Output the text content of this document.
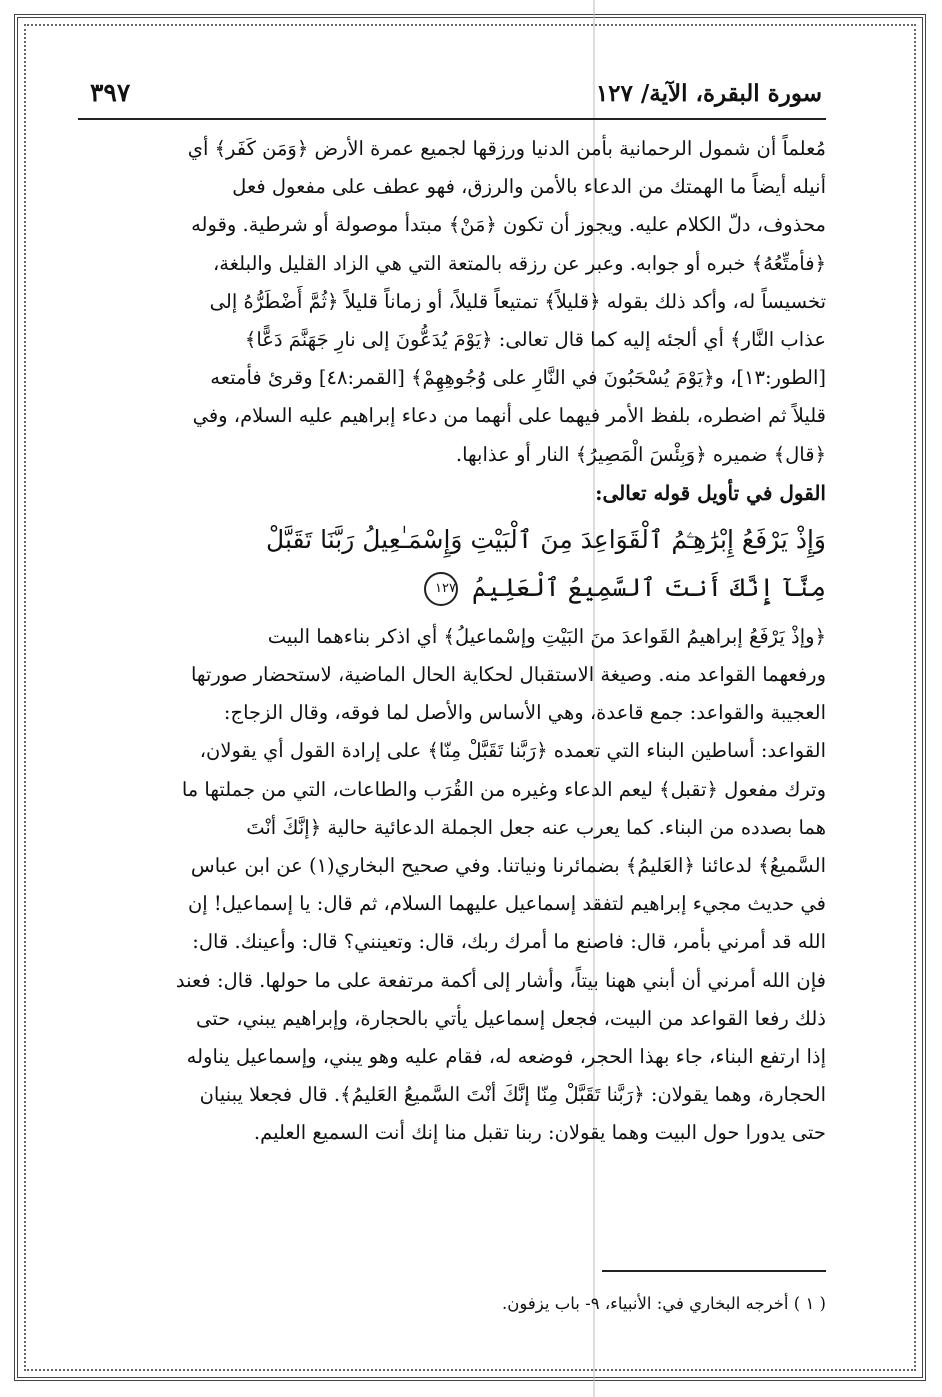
سورة البقرة، الآية/ ١٢٧
٣٩٧

مُعلماً أن شمول الرحمانية بأمن الدنيا ورزقها لجميع عمرة الأرض ﴿وَمَن كَفَر﴾ أي

أنيله أيضاً ما الهمتك من الدعاء بالأمن والرزق، فهو عطف على مفعول فعل

محذوف، دلّ الكلام عليه. ويجوز أن تكون ﴿مَنْ﴾ مبتدأ موصولة أو شرطية. وقوله

﴿فأمتِّعُهُ﴾ خبره أو جوابه. وعبر عن رزقه بالمتعة التي هي الزاد القليل والبلغة،

تخسيساً له، وأكد ذلك بقوله ﴿قليلاً﴾ تمتيعاً قليلاً، أو زماناً قليلاً ﴿ثُمَّ أَضْطَرُّهُ إلى

عذاب النَّار﴾ أي ألجئه إليه كما قال تعالى: ﴿يَوْمَ يُدَعُّونَ إلى نارِ جَهَنَّمَ دَعًّا﴾

[الطور:١٣]، و﴿يَوْمَ يُسْحَبُونَ في النَّارِ على وُجُوهِهِمْ﴾ [القمر:٤٨] وقرئ فأمتعه

قليلاً ثم اضطره، بلفظ الأمر فيهما على أنهما من دعاء إبراهيم عليه السلام، وفي

﴿قال﴾ ضميره ﴿وَبِئْسَ الْمَصِيرُ﴾ النار أو عذابها.

القول في تأويل قوله تعالى:

وَإِذْ يَرْفَعُ إِبْرَٰهِـۧمُ ٱلْقَوَاعِدَ مِنَ ٱلْبَيْتِ وَإِسْمَـٰعِيلُ رَبَّنَا تَقَبَّلْ
مِنَّآ إِنَّكَ أَنتَ ٱلسَّمِيعُ ٱلْعَلِيمُ ١٢٧

﴿وإذْ يَرْفَعُ إبراهيمُ القَواعدَ منَ البَيْتِ وإسْماعيلُ﴾ أي اذكر بناءهما البيت

ورفعهما القواعد منه. وصيغة الاستقبال لحكاية الحال الماضية، لاستحضار صورتها

العجيبة والقواعد: جمع قاعدة، وهي الأساس والأصل لما فوقه، وقال الزجاج:

القواعد: أساطين البناء التي تعمده ﴿رَبَّنا تَقَبَّلْ مِنّا﴾ على إرادة القول أي يقولان،

وترك مفعول ﴿تقبل﴾ ليعم الدعاء وغيره من القُرَب والطاعات، التي من جملتها ما

هما بصدده من البناء. كما يعرب عنه جعل الجملة الدعائية حالية ﴿إنَّكَ أنْتَ

السَّميعُ﴾ لدعائنا ﴿العَليمُ﴾ بضمائرنا ونياتنا. وفي صحيح البخاري(١) عن ابن عباس

في حديث مجيء إبراهيم لتفقد إسماعيل عليهما السلام، ثم قال: يا إسماعيل! إن

الله قد أمرني بأمر، قال: فاصنع ما أمرك ربك، قال: وتعينني؟ قال: وأعينك. قال:

فإن الله أمرني أن أبني ههنا بيتاً، وأشار إلى أكمة مرتفعة على ما حولها. قال: فعند

ذلك رفعا القواعد من البيت، فجعل إسماعيل يأتي بالحجارة، وإبراهيم يبني، حتى

إذا ارتفع البناء، جاء بهذا الحجر، فوضعه له، فقام عليه وهو يبني، وإسماعيل يناوله

الحجارة، وهما يقولان: ﴿رَبَّنا تَقَبَّلْ مِنّا إنَّكَ أنْتَ السَّميعُ العَليمُ﴾. قال فجعلا يبنيان

حتى يدورا حول البيت وهما يقولان: ربنا تقبل منا إنك أنت السميع العليم.

( ١ ) أخرجه البخاري في: الأنبياء، ٩- باب يزفون.
